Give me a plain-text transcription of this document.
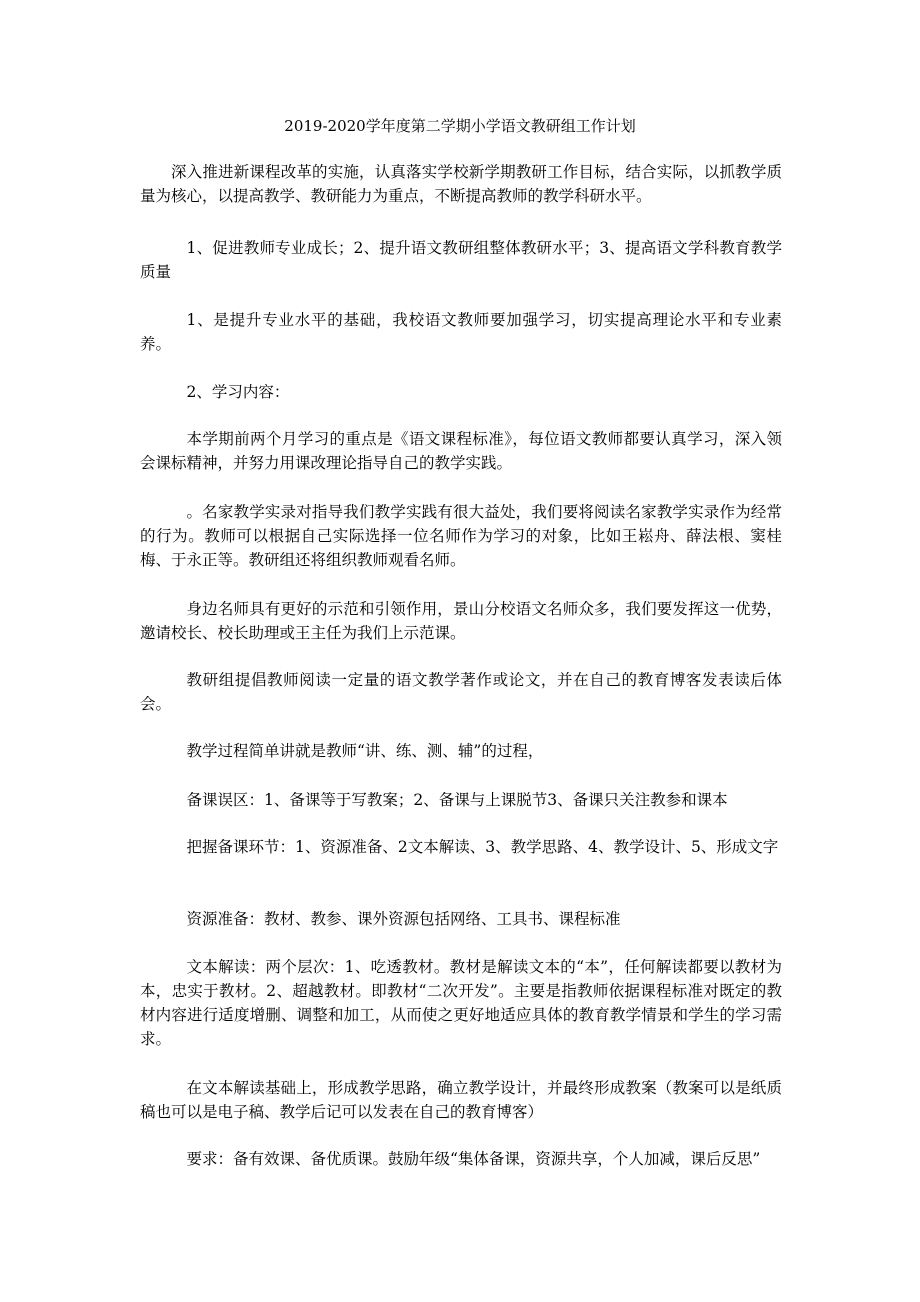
2019-2020学年度第二学期小学语文教研组工作计划

深入推进新课程改革的实施，认真落实学校新学期教研工作目标，结合实际，以抓教学质量为核心，以提高教学、教研能力为重点，不断提高教师的教学科研水平。

1、促进教师专业成长；2、提升语文教研组整体教研水平；3、提高语文学科教育教学质量

1、是提升专业水平的基础，我校语文教师要加强学习，切实提高理论水平和专业素养。

2、学习内容：

本学期前两个月学习的重点是《语文课程标准》，每位语文教师都要认真学习，深入领会课标精神，并努力用课改理论指导自己的教学实践。

。名家教学实录对指导我们教学实践有很大益处，我们要将阅读名家教学实录作为经常的行为。教师可以根据自己实际选择一位名师作为学习的对象，比如王崧舟、薛法根、窦桂梅、于永正等。教研组还将组织教师观看名师。

身边名师具有更好的示范和引领作用，景山分校语文名师众多，我们要发挥这一优势，邀请校长、校长助理或王主任为我们上示范课。

教研组提倡教师阅读一定量的语文教学著作或论文，并在自己的教育博客发表读后体会。

教学过程简单讲就是教师“讲、练、测、辅”的过程，

备课误区：1、备课等于写教案；2、备课与上课脱节3、备课只关注教参和课本

把握备课环节：1、资源准备、2文本解读、3、教学思路、4、教学设计、5、形成文字

资源准备：教材、教参、课外资源包括网络、工具书、课程标准

文本解读：两个层次：1、吃透教材。教材是解读文本的“本”，任何解读都要以教材为本，忠实于教材。2、超越教材。即教材“二次开发”。主要是指教师依据课程标准对既定的教材内容进行适度增删、调整和加工，从而使之更好地适应具体的教育教学情景和学生的学习需求。

在文本解读基础上，形成教学思路，确立教学设计，并最终形成教案（教案可以是纸质稿也可以是电子稿、教学后记可以发表在自己的教育博客）

要求：备有效课、备优质课。鼓励年级“集体备课，资源共享，个人加减，课后反思”
